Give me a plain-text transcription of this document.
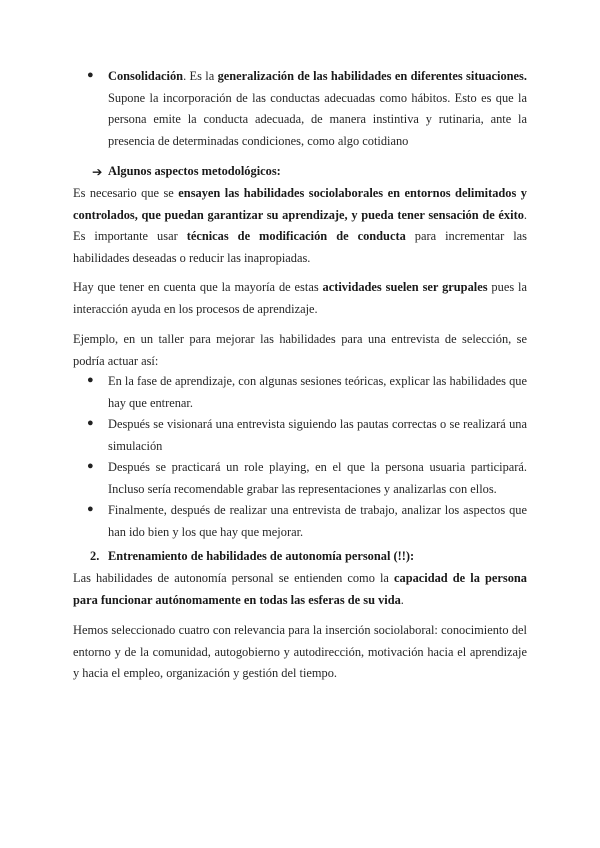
● Consolidación. Es la generalización de las habilidades en diferentes situaciones. Supone la incorporación de las conductas adecuadas como hábitos. Esto es que la persona emite la conducta adecuada, de manera instintiva y rutinaria, ante la presencia de determinadas condiciones, como algo cotidiano
➔ Algunos aspectos metodológicos:
Es necesario que se ensayen las habilidades sociolaborales en entornos delimitados y controlados, que puedan garantizar su aprendizaje, y pueda tener sensación de éxito. Es importante usar técnicas de modificación de conducta para incrementar las habilidades deseadas o reducir las inapropiadas.
Hay que tener en cuenta que la mayoría de estas actividades suelen ser grupales pues la interacción ayuda en los procesos de aprendizaje.
Ejemplo, en un taller para mejorar las habilidades para una entrevista de selección, se podría actuar así:
● En la fase de aprendizaje, con algunas sesiones teóricas, explicar las habilidades que hay que entrenar.
● Después se visionará una entrevista siguiendo las pautas correctas o se realizará una simulación
● Después se practicará un role playing, en el que la persona usuaria participará. Incluso sería recomendable grabar las representaciones y analizarlas con ellos.
● Finalmente, después de realizar una entrevista de trabajo, analizar los aspectos que han ido bien y los que hay que mejorar.
2. Entrenamiento de habilidades de autonomía personal (!!):
Las habilidades de autonomía personal se entienden como la capacidad de la persona para funcionar autónomamente en todas las esferas de su vida.
Hemos seleccionado cuatro con relevancia para la inserción sociolaboral: conocimiento del entorno y de la comunidad, autogobierno y autodirección, motivación hacia el aprendizaje y hacia el empleo, organización y gestión del tiempo.
